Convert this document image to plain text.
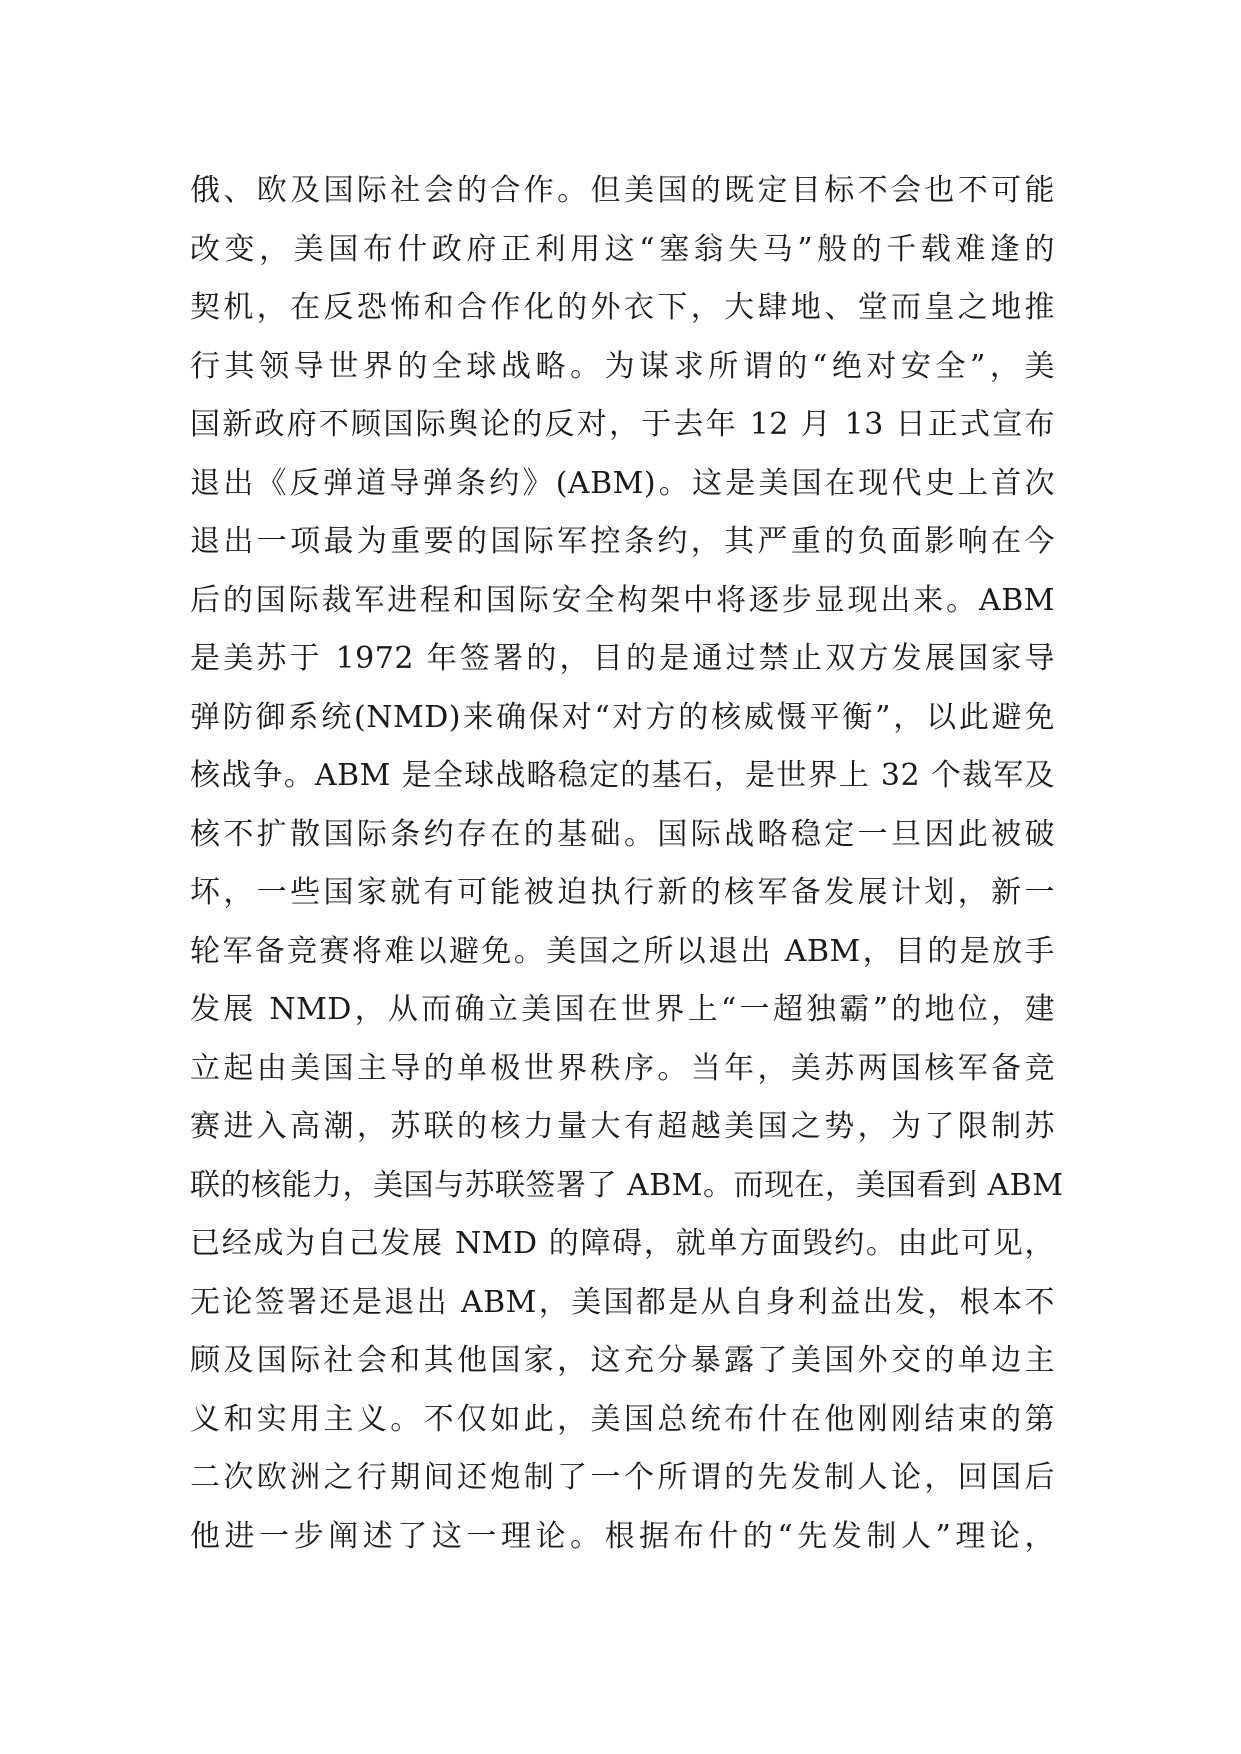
俄、欧及国际社会的合作。但美国的既定目标不会也不可能
改变，美国布什政府正利用这“塞翁失马”般的千载难逢的
契机，在反恐怖和合作化的外衣下，大肆地、堂而皇之地推
行其领导世界的全球战略。为谋求所谓的“绝对安全”，美
国新政府不顾国际舆论的反对，于去年 12 月 13 日正式宣布
退出《反弹道导弹条约》(ABM)。这是美国在现代史上首次
退出一项最为重要的国际军控条约，其严重的负面影响在今
后的国际裁军进程和国际安全构架中将逐步显现出来。ABM
是美苏于 1972 年签署的，目的是通过禁止双方发展国家导
弹防御系统(NMD)来确保对“对方的核威慑平衡”，以此避免
核战争。ABM 是全球战略稳定的基石，是世界上 32 个裁军及
核不扩散国际条约存在的基础。国际战略稳定一旦因此被破
坏，一些国家就有可能被迫执行新的核军备发展计划，新一
轮军备竞赛将难以避免。美国之所以退出 ABM，目的是放手
发展 NMD，从而确立美国在世界上“一超独霸”的地位，建
立起由美国主导的单极世界秩序。当年，美苏两国核军备竞
赛进入高潮，苏联的核力量大有超越美国之势，为了限制苏
联的核能力，美国与苏联签署了 ABM。而现在，美国看到 ABM
已经成为自己发展 NMD 的障碍，就单方面毁约。由此可见，
无论签署还是退出 ABM，美国都是从自身利益出发，根本不
顾及国际社会和其他国家，这充分暴露了美国外交的单边主
义和实用主义。不仅如此，美国总统布什在他刚刚结束的第
二次欧洲之行期间还炮制了一个所谓的先发制人论，回国后
他进一步阐述了这一理论。根据布什的“先发制人”理论，
